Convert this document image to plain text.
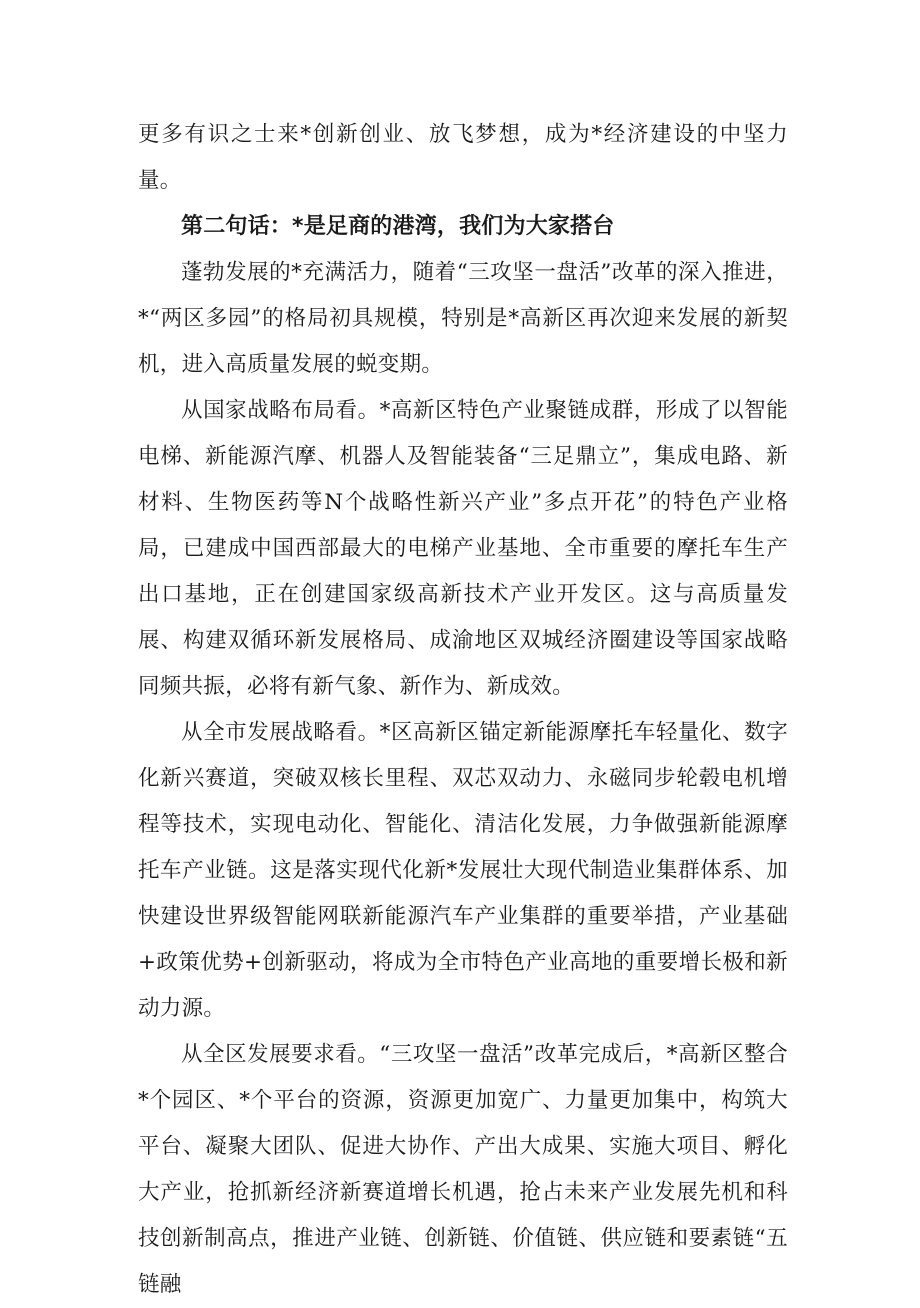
更多有识之士来*创新创业、放飞梦想，成为*经济建设的中坚力量。

第二句话：*是足商的港湾，我们为大家搭台

蓬勃发展的*充满活力，随着“三攻坚一盘活”改革的深入推进，*“两区多园”的格局初具规模，特别是*高新区再次迎来发展的新契机，进入高质量发展的蜕变期。

从国家战略布局看。*高新区特色产业聚链成群，形成了以智能电梯、新能源汽摩、机器人及智能装备“三足鼎立”，集成电路、新材料、生物医药等N个战略性新兴产业”多点开花”的特色产业格局，已建成中国西部最大的电梯产业基地、全市重要的摩托车生产出口基地，正在创建国家级高新技术产业开发区。这与高质量发展、构建双循环新发展格局、成渝地区双城经济圈建设等国家战略同频共振，必将有新气象、新作为、新成效。

从全市发展战略看。*区高新区锚定新能源摩托车轻量化、数字化新兴赛道，突破双核长里程、双芯双动力、永磁同步轮毂电机增程等技术，实现电动化、智能化、清洁化发展，力争做强新能源摩托车产业链。这是落实现代化新*发展壮大现代制造业集群体系、加快建设世界级智能网联新能源汽车产业集群的重要举措，产业基础+政策优势+创新驱动，将成为全市特色产业高地的重要增长极和新动力源。

从全区发展要求看。“三攻坚一盘活”改革完成后，*高新区整合*个园区、*个平台的资源，资源更加宽广、力量更加集中，构筑大平台、凝聚大团队、促进大协作、产出大成果、实施大项目、孵化大产业，抢抓新经济新赛道增长机遇，抢占未来产业发展先机和科技创新制高点，推进产业链、创新链、价值链、供应链和要素链“五链融
